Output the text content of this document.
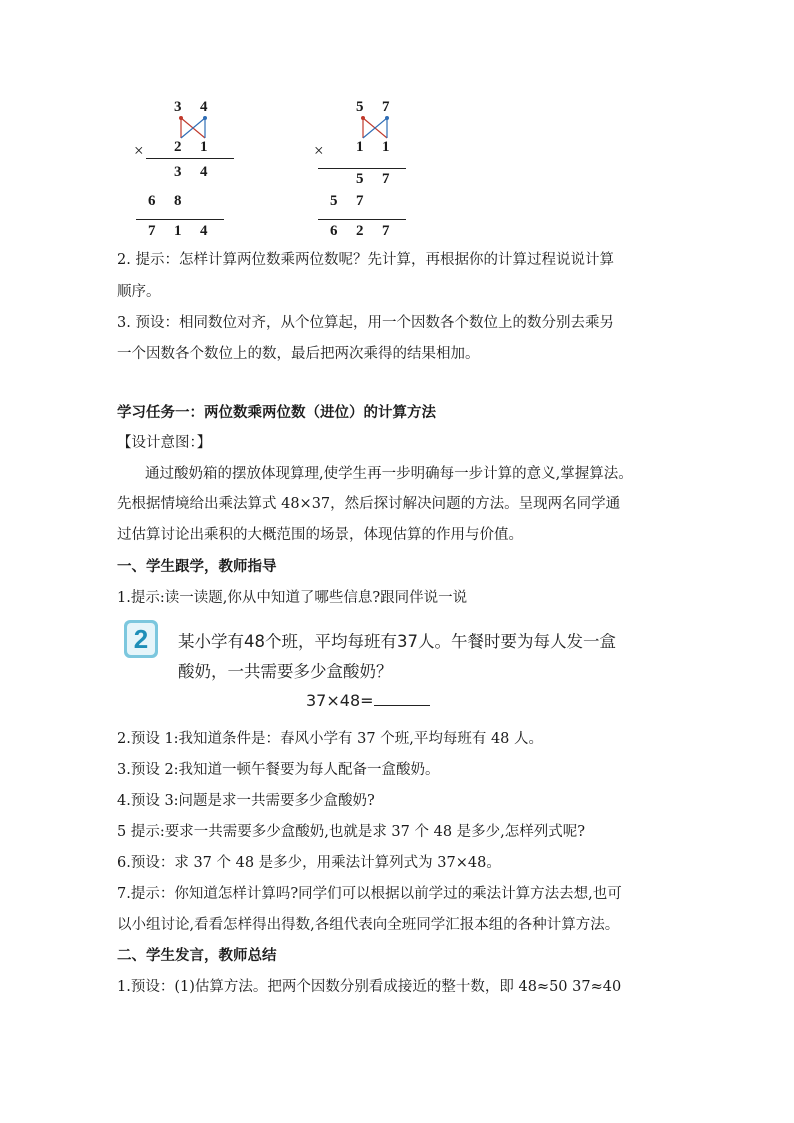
3 4
× 2 1
3 4
6 8
7 1 4
5 7
× 1 1
5 7
5 7
6 2 7
2. 提示：怎样计算两位数乘两位数呢？先计算，再根据你的计算过程说说计算
顺序。
3. 预设：相同数位对齐，从个位算起，用一个因数各个数位上的数分别去乘另
一个因数各个数位上的数，最后把两次乘得的结果相加。
学习任务一：两位数乘两位数（进位）的计算方法
【设计意图：】
通过酸奶箱的摆放体现算理,使学生再一步明确每一步计算的意义,掌握算法。
先根据情境给出乘法算式 48×37，然后探讨解决问题的方法。呈现两名同学通
过估算讨论出乘积的大概范围的场景，体现估算的作用与价值。
一、学生跟学，教师指导
1.提示:读一读题,你从中知道了哪些信息?跟同伴说一说
2	某小学有48个班，平均每班有37人。午餐时要为每人发一盒
酸奶，一共需要多少盒酸奶？
37×48=
2.预设 1:我知道条件是：春风小学有 37 个班,平均每班有 48 人。
3.预设 2:我知道一顿午餐要为每人配备一盒酸奶。
4.预设 3:问题是求一共需要多少盒酸奶?
5 提示:要求一共需要多少盒酸奶,也就是求 37 个 48 是多少,怎样列式呢?
6.预设：求 37 个 48 是多少，用乘法计算列式为 37×48。
7.提示：你知道怎样计算吗?同学们可以根据以前学过的乘法计算方法去想,也可
以小组讨论,看看怎样得出得数,各组代表向全班同学汇报本组的各种计算方法。
二、学生发言，教师总结
1.预设：(1)估算方法。把两个因数分别看成接近的整十数，即 48≈50 37≈40
